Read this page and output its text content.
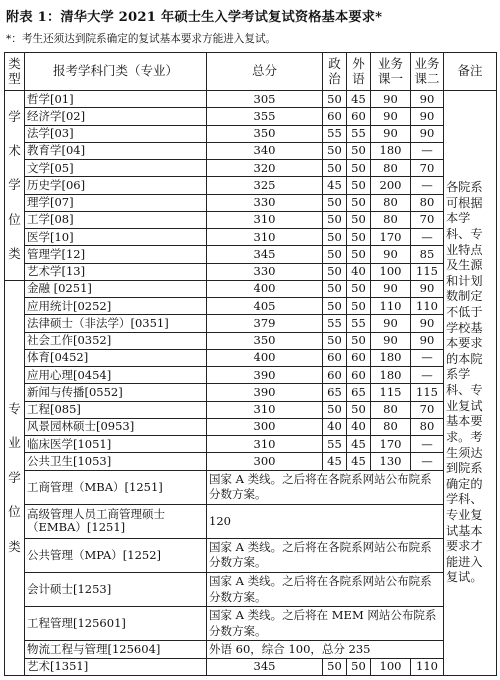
附表 1：清华大学 2021 年硕士生入学考试复试资格基本要求*
*：考生还须达到院系确定的复试基本要求方能进入复试。
类型	报考学科门类（专业）	总分	政治	外语	业务课一	业务课二	备注

学
术
学
位
类	哲学[01]	305	50	45	90	90	各院系可根据本学科、专业特点及生源和计划数制定不低于学校基本要求的本院系学科、专业复试基本要求。考生须达到院系确定的学科、专业复试基本要求才能进入复试。
	经济学[02]	355	60	60	90	90	
	法学[03]	350	55	55	90	90	
	教育学[04]	340	50	50	180	—	
	文学[05]	320	50	50	80	70	
	历史学[06]	325	45	50	200	—	
	理学[07]	330	50	50	80	80	
	工学[08]	310	50	50	80	70	
	医学[10]	310	50	50	170	—	
	管理学[12]	345	50	50	90	85	
	艺术学[13]	330	50	40	100	115	

专
业
学
位
类	金融 [0251]	400	50	50	90	90	
	应用统计[0252]	405	50	50	110	110	
	法律硕士（非法学）[0351]	379	55	55	90	90	
	社会工作[0352]	350	50	50	90	90	
	体育[0452]	400	60	60	180	—	
	应用心理[0454]	390	60	60	180	—	
	新闻与传播[0552]	390	65	65	115	115	
	工程[085]	310	50	50	80	70	
	风景园林硕士[0953]	300	40	40	80	80	
	临床医学[1051]	310	55	45	170	—	
	公共卫生[1053]	300	45	45	130	—	
	工商管理（MBA）[1251]	国家 A 类线。之后将在各院系网站公布院系分数方案。					
	高级管理人员工商管理硕士（EMBA）[1251]	120					
	公共管理（MPA）[1252]	国家 A 类线。之后将在各院系网站公布院系分数方案。					
	会计硕士[1253]	国家 A 类线。之后将在各院系网站公布院系分数方案。					
	工程管理[125601]	国家 A 类线。之后将在 MEM 网站公布院系分数方案。					
	物流工程与管理[125604]	外语 60，综合 100，总分 235					
	艺术[1351]	345	50	50	100	110	
